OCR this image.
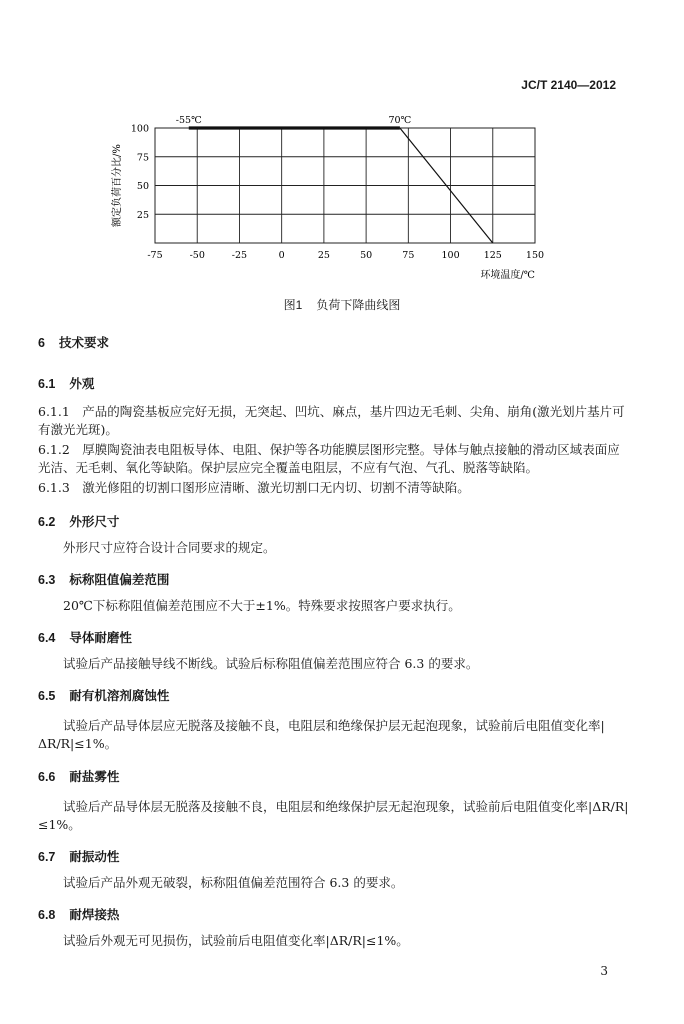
JC/T 2140—2012
-75	-50	-25	0	25	50	75	100	125	150
25
50
75
100
-55℃	70℃
额定负荷百分比/%
环境温度/℃
图1 负荷下降曲线图
6 技术要求
6.1 外观
6.1.1　产品的陶瓷基板应完好无损，无突起、凹坑、麻点，基片四边无毛刺、尖角、崩角(激光划片基片可有激光光斑)。
6.1.2　厚膜陶瓷油表电阻板导体、电阻、保护等各功能膜层图形完整。导体与触点接触的滑动区域表面应光洁、无毛刺、氧化等缺陷。保护层应完全覆盖电阻层，不应有气泡、气孔、脱落等缺陷。
6.1.3　激光修阻的切割口图形应清晰、激光切割口无内切、切割不清等缺陷。
6.2 外形尺寸
外形尺寸应符合设计合同要求的规定。
6.3 标称阻值偏差范围
20℃下标称阻值偏差范围应不大于±1%。特殊要求按照客户要求执行。
6.4 导体耐磨性
试验后产品接触导线不断线。试验后标称阻值偏差范围应符合 6.3 的要求。
6.5 耐有机溶剂腐蚀性
试验后产品导体层应无脱落及接触不良，电阻层和绝缘保护层无起泡现象，试验前后电阻值变化率|ΔR/R|≤1%。
6.6 耐盐雾性
试验后产品导体层无脱落及接触不良，电阻层和绝缘保护层无起泡现象，试验前后电阻值变化率|ΔR/R|≤1%。
6.7 耐振动性
试验后产品外观无破裂，标称阻值偏差范围符合 6.3 的要求。
6.8 耐焊接热
试验后外观无可见损伤，试验前后电阻值变化率|ΔR/R|≤1%。
3
